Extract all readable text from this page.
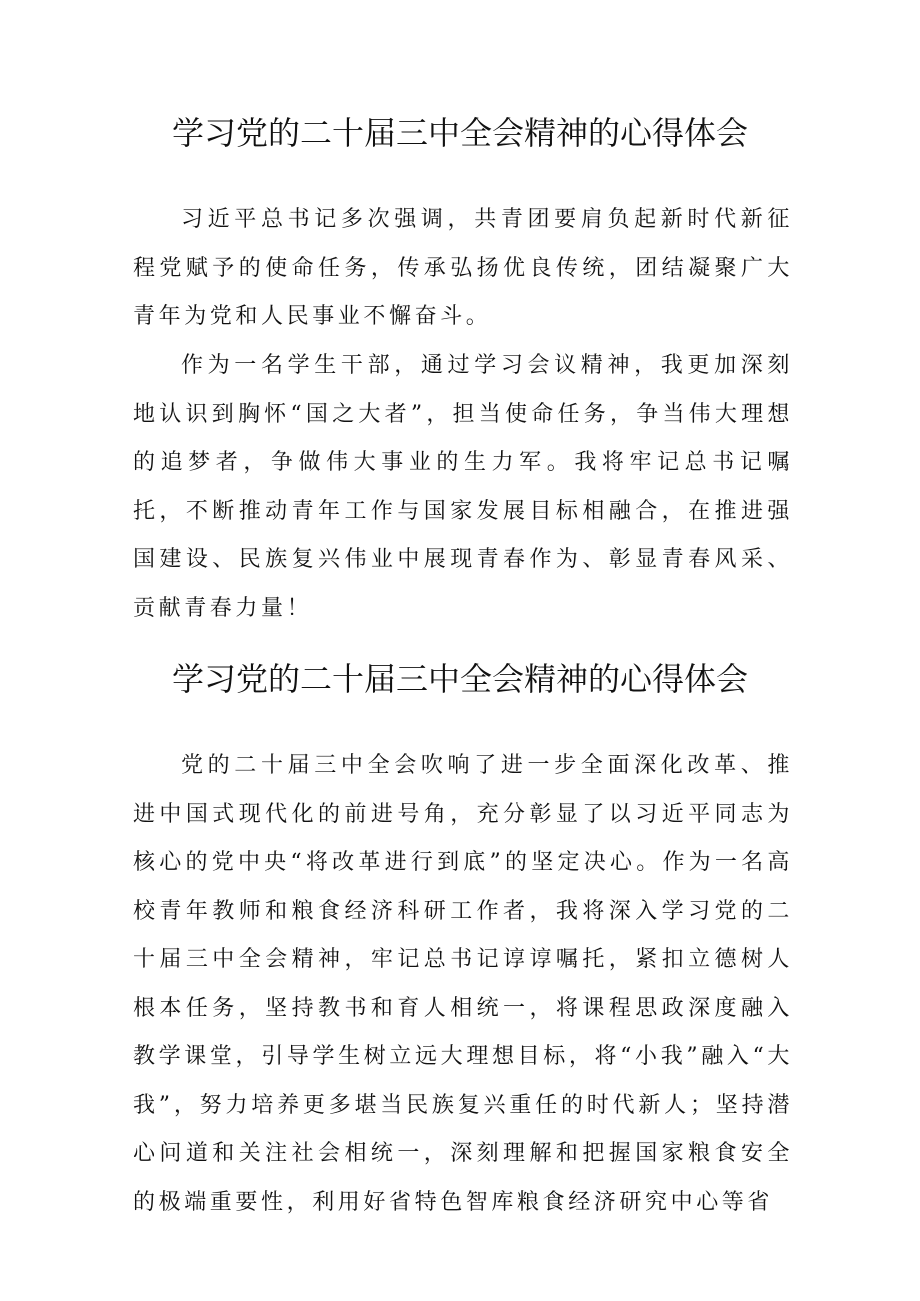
学习党的二十届三中全会精神的心得体会

习近平总书记多次强调，共青团要肩负起新时代新征程党赋予的使命任务，传承弘扬优良传统，团结凝聚广大青年为党和人民事业不懈奋斗。

作为一名学生干部，通过学习会议精神，我更加深刻地认识到胸怀“国之大者”，担当使命任务，争当伟大理想的追梦者，争做伟大事业的生力军。我将牢记总书记嘱托，不断推动青年工作与国家发展目标相融合，在推进强国建设、民族复兴伟业中展现青春作为、彰显青春风采、贡献青春力量！

学习党的二十届三中全会精神的心得体会

党的二十届三中全会吹响了进一步全面深化改革、推进中国式现代化的前进号角，充分彰显了以习近平同志为核心的党中央“将改革进行到底”的坚定决心。作为一名高校青年教师和粮食经济科研工作者，我将深入学习党的二十届三中全会精神，牢记总书记谆谆嘱托，紧扣立德树人根本任务，坚持教书和育人相统一，将课程思政深度融入教学课堂，引导学生树立远大理想目标，将“小我”融入“大我”，努力培养更多堪当民族复兴重任的时代新人；坚持潜心问道和关注社会相统一，深刻理解和把握国家粮食安全的极端重要性，利用好省特色智库粮食经济研究中心等省
